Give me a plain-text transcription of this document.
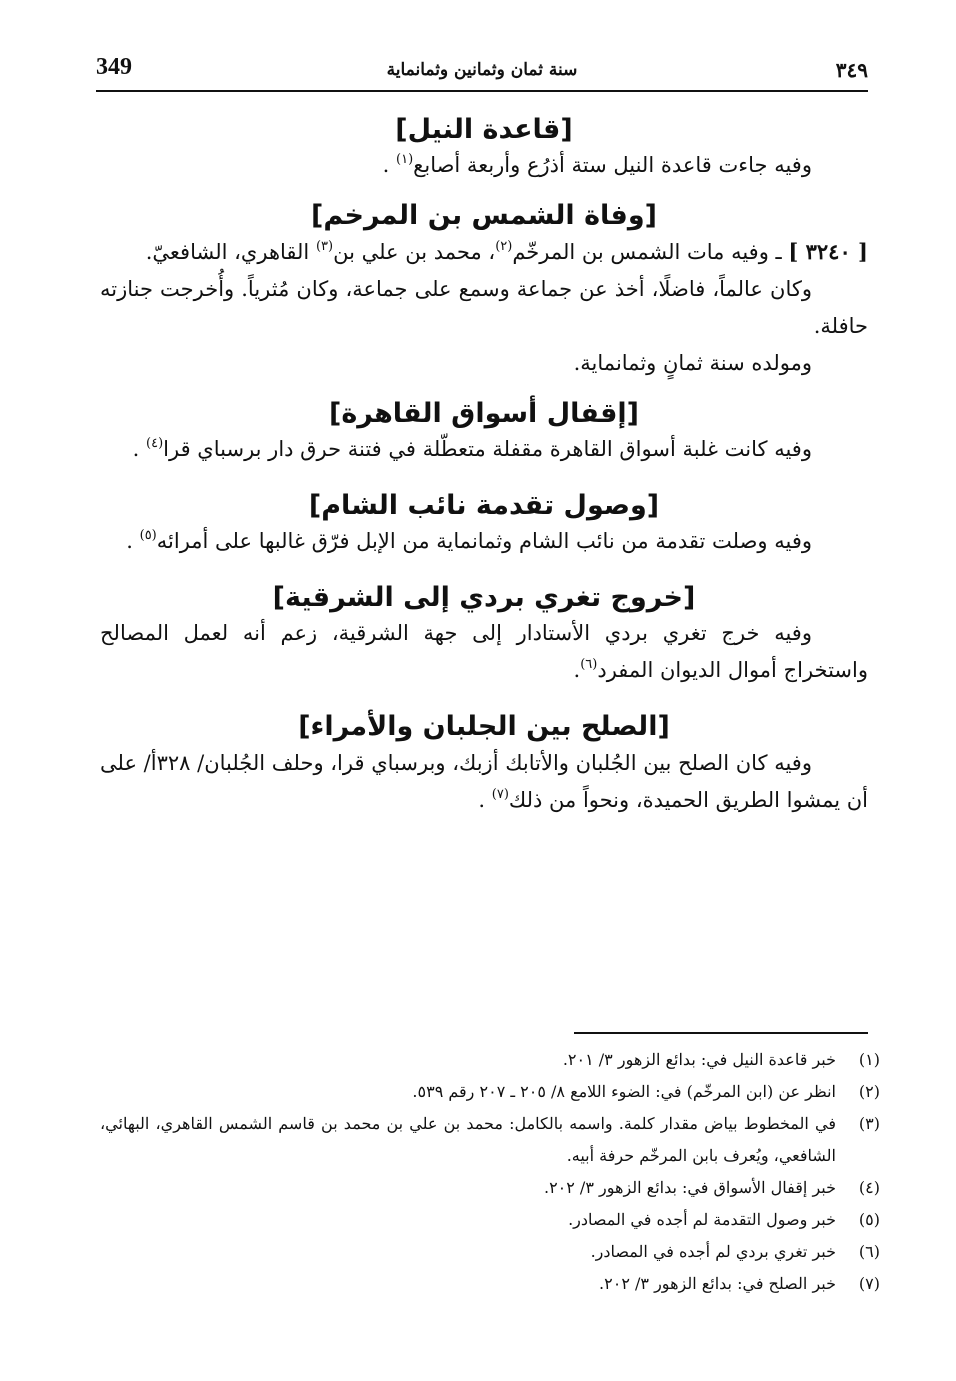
٣٤٩
سنة ثمان وثمانين وثمانماية
349
[قاعدة النيل]

وفيه جاءت قاعدة النيل ستة أذرُع وأربعة أصابع$^{(١)}$ .

[وفاة الشمس بن المرخم]

[ ٣٢٤٠ ] ـ وفيه مات الشمس بن المرخّم$^{(٢)}$، محمد بن علي بن$^{(٣)}$ القاهري، الشافعيّ.

وكان عالماً، فاضلًا، أخذ عن جماعة وسمع على جماعة، وكان مُثرياً. وأُخرجت جنازته حافلة.

ومولده سنة ثمانٍ وثمانماية.

[إقفال أسواق القاهرة]

وفيه كانت غلبة أسواق القاهرة مقفلة متعطّلة في فتنة حرق دار برسباي قرا$^{(٤)}$ .

[وصول تقدمة نائب الشام]

وفيه وصلت تقدمة من نائب الشام وثمانماية من الإبل فرّق غالبها على أمرائه$^{(٥)}$ .

[خروج تغري بردي إلى الشرقية]

وفيه خرج تغري بردي الأستادار إلى جهة الشرقية، زعم أنه لعمل المصالح واستخراج أموال الديوان المفرد$^{(٦)}$.

[الصلح بين الجلبان والأمراء]

وفيه كان الصلح بين الجُلبان والأتابك أزبك، وبرسباي قرا، وحلف الجُلبان/ ٣٢٨أ/ على أن يمشوا الطريق الحميدة، ونحواً من ذلك$^{(٧)}$ .

(١)
خبر قاعدة النيل في: بدائع الزهور ٣/ ٢٠١.
(٢)
انظر عن (ابن المرخّم) في: الضوء اللامع ٨/ ٢٠٥ ـ ٢٠٧ رقم ٥٣٩.
(٣)
في المخطوط بياض مقدار كلمة. واسمه بالكامل: محمد بن علي بن محمد بن قاسم الشمس القاهري، البهائي، الشافعي، ويُعرف بابن المرخّم حرفة أبيه.
(٤)
خبر إقفال الأسواق في: بدائع الزهور ٣/ ٢٠٢.
(٥)
خبر وصول التقدمة لم أجده في المصادر.
(٦)
خبر تغري بردي لم أجده في المصادر.
(٧)
خبر الصلح في: بدائع الزهور ٣/ ٢٠٢.
